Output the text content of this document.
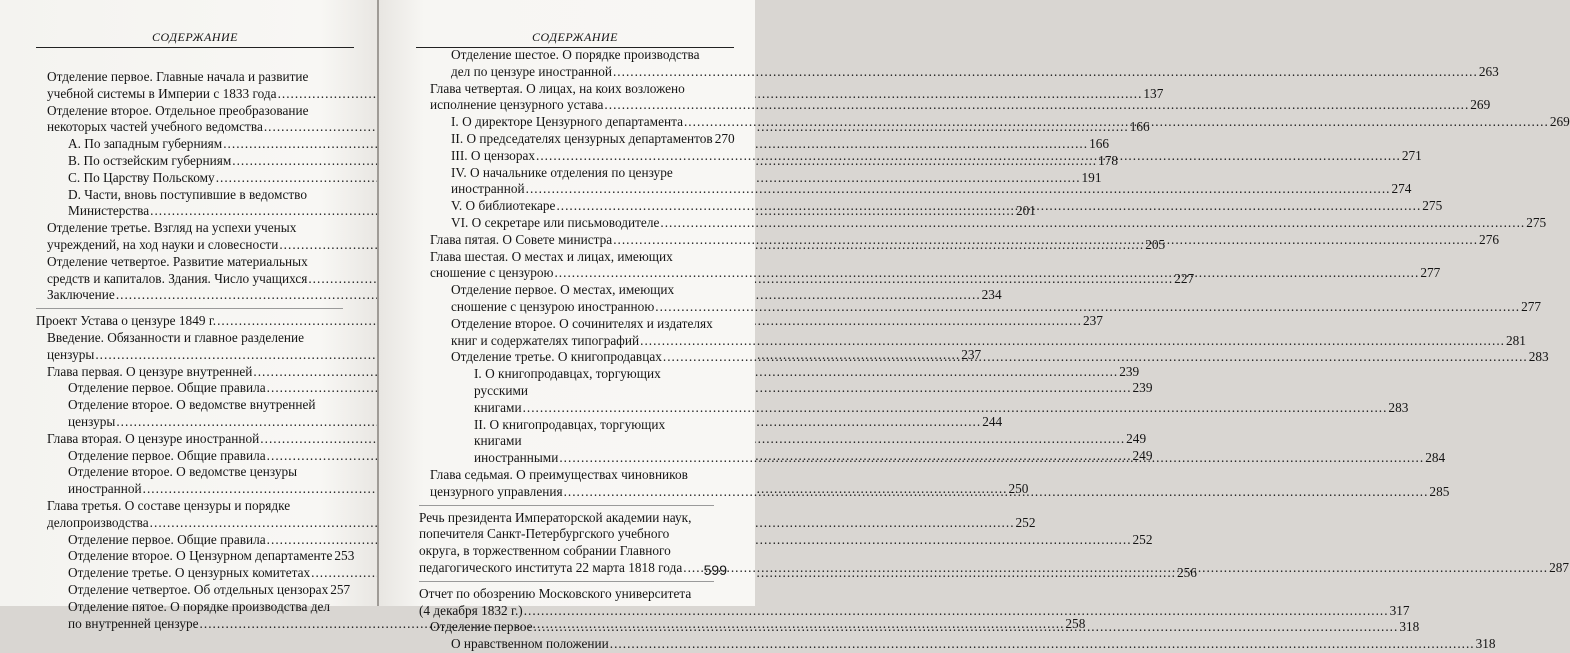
СОДЕРЖАНИЕ
Отделение первое. Главные начала и развитие
учебной системы в Империи с 1833 года .....	137
Отделение второе. Отдельное преобразование
некоторых частей учебного ведомства .....	166
A. По западным губерниям .....	166
B. По остзейским губерниям .....	178
C. По Царству Польскому .....	191
D. Части, вновь поступившие в ведомство
Министерства .....	201
Отделение третье. Взгляд на успехи ученых
учреждений, на ход науки и словесности .....	205
Отделение четвертое. Развитие материальных
средств и капиталов. Здания. Число учащихся .....	227
Заключение .....	234
Проект Устава о цензуре 1849 г. .....	237
Введение. Обязанности и главное разделение
цензуры .....	237
Глава первая. О цензуре внутренней .....	239
Отделение первое. Общие правила .....	239
Отделение второе. О ведомстве внутренней
цензуры .....	244
Глава вторая. О цензуре иностранной .....	249
Отделение первое. Общие правила .....	249
Отделение второе. О ведомстве цензуры
иностранной .....	250
Глава третья. О составе цензуры и порядке
делопроизводства .....	252
Отделение первое. Общие правила .....	252
Отделение второе. О Цензурном департаменте 253
Отделение третье. О цензурных комитетах .....	256
Отделение четвертое. Об отдельных цензорах 257
Отделение пятое. О порядке производства дел
по внутренней цензуре .....	258
СОДЕРЖАНИЕ
Отделение шестое. О порядке производства
дел по цензуре иностранной .....	263
Глава четвертая. О лицах, на коих возложено
исполнение цензурного устава .....	269
I. О директоре Цензурного департамента .....	269
II. О председателях цензурных департаментов 270
III. О цензорах .....	271
IV. О начальнике отделения по цензуре
иностранной .....	274
V. О библиотекаре .....	275
VI. О секретаре или письмоводителе .....	275
Глава пятая. О Совете министра .....	276
Глава шестая. О местах и лицах, имеющих
сношение с цензурою .....	277
Отделение первое. О местах, имеющих
сношение с цензурою иностранною .....	277
Отделение второе. О сочинителях и издателях
книг и содержателях типографий .....	281
Отделение третье. О книгопродавцах .....	283
I. О книгопродавцах, торгующих русскими
книгами .....	283
II. О книгопродавцах, торгующих книгами
иностранными .....	284
Глава седьмая. О преимуществах чиновников
цензурного управления .....	285
Речь президента Императорской академии наук,
попечителя Санкт-Петербургского учебного
округа, в торжественном собрании Главного
педагогического института 22 марта 1818 года .....	287
Отчет по обозрению Московского университета
(4 декабря 1832 г.) .....	317
Отделение первое .....	318
О нравственном положении .....	318
599
